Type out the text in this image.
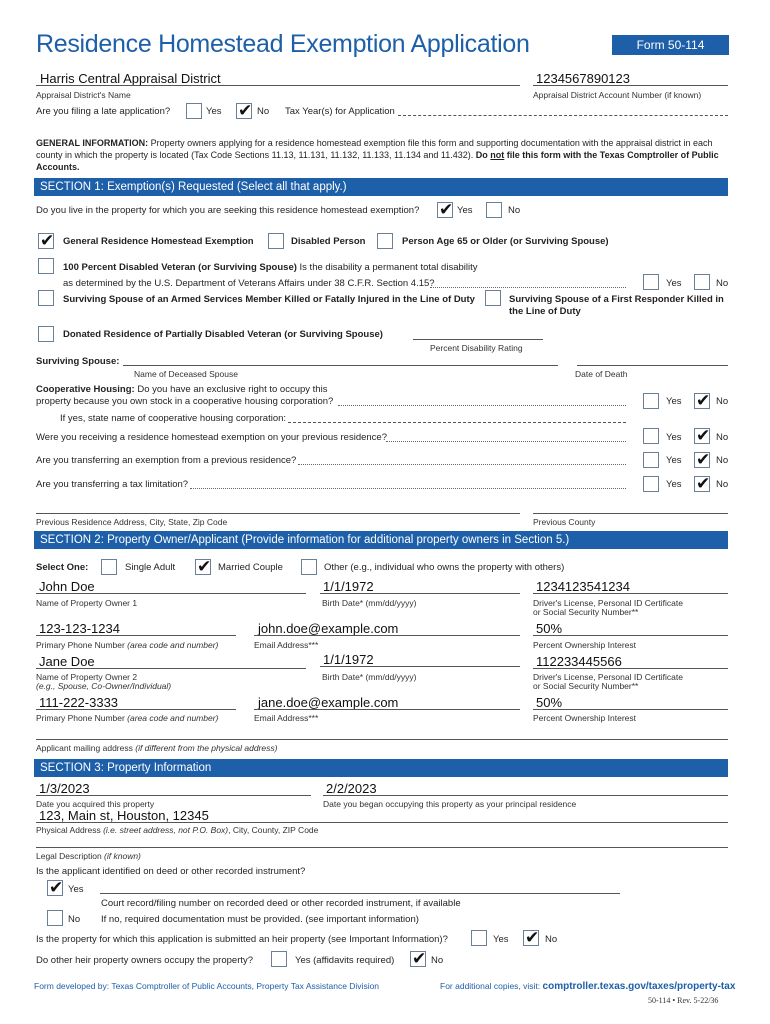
Residence Homestead Exemption Application	Form 50-114
Harris Central Appraisal District
Appraisal District's Name
1234567890123
Appraisal District Account Number (if known)
Are you filing a late application?	Yes ✔ No Tax Year(s) for Application
GENERAL INFORMATION: Property owners applying for a residence homestead exemption file this form and supporting documentation with the appraisal district in each county in which the property is located (Tax Code Sections 11.13, 11.131, 11.132, 11.133, 11.134 and 11.432). Do not file this form with the Texas Comptroller of Public Accounts.
SECTION 1: Exemption(s) Requested (Select all that apply.)
Do you live in the property for which you are seeking this residence homestead exemption? ✔ Yes	No
✔ General Residence Homestead Exemption	Disabled Person	Person Age 65 or Older (or Surviving Spouse)
100 Percent Disabled Veteran (or Surviving Spouse) Is the disability a permanent total disability
as determined by the U.S. Department of Veterans Affairs under 38 C.F.R. Section 4.15?	Yes	No
Surviving Spouse of an Armed Services Member Killed or Fatally Injured in the Line of Duty	Surviving Spouse of a First Responder Killed in
the Line of Duty
Donated Residence of Partially Disabled Veteran (or Surviving Spouse)
Percent Disability Rating
Surviving Spouse:
Name of Deceased Spouse	Date of Death
Cooperative Housing: Do you have an exclusive right to occupy this
property because you own stock in a cooperative housing corporation?	Yes ✔ No
If yes, state name of cooperative housing corporation:
Were you receiving a residence homestead exemption on your previous residence?	Yes ✔ No
Are you transferring an exemption from a previous residence?	Yes ✔ No
Are you transferring a tax limitation?	Yes ✔ No
Previous Residence Address, City, State, Zip Code	Previous County
SECTION 2: Property Owner/Applicant (Provide information for additional property owners in Section 5.)
Select One:	Single Adult ✔ Married Couple	Other (e.g., individual who owns the property with others)
John Doe
Name of Property Owner 1
1/1/1972
Birth Date* (mm/dd/yyyy)
1234123541234
Driver's License, Personal ID Certificate
or Social Security Number**
123-123-1234
Primary Phone Number (area code and number)
john.doe@example.com
Email Address***
50%
Percent Ownership Interest
Jane Doe
Name of Property Owner 2
(e.g., Spouse, Co-Owner/Individual)
1/1/1972
Birth Date* (mm/dd/yyyy)
112233445566
Driver's License, Personal ID Certificate
or Social Security Number**
111-222-3333
Primary Phone Number (area code and number)
jane.doe@example.com
Email Address***
50%
Percent Ownership Interest
Applicant mailing address (if different from the physical address)
SECTION 3: Property Information
1/3/2023
Date you acquired this property
2/2/2023
Date you began occupying this property as your principal residence
123, Main st, Houston, 12345
Physical Address (i.e. street address, not P.O. Box), City, County, ZIP Code
Legal Description (if known)
Is the applicant identified on deed or other recorded instrument?
✔ Yes
Court record/filing number on recorded deed or other recorded instrument, if available
No If no, required documentation must be provided. (see important information)
Is the property for which this application is submitted an heir property (see Important Information)?	Yes ✔ No
Do other heir property owners occupy the property?	Yes (affidavits required) ✔ No
Form developed by: Texas Comptroller of Public Accounts, Property Tax Assistance Division	For additional copies, visit: comptroller.texas.gov/taxes/property-tax
50-114 • Rev. 5-22/36
